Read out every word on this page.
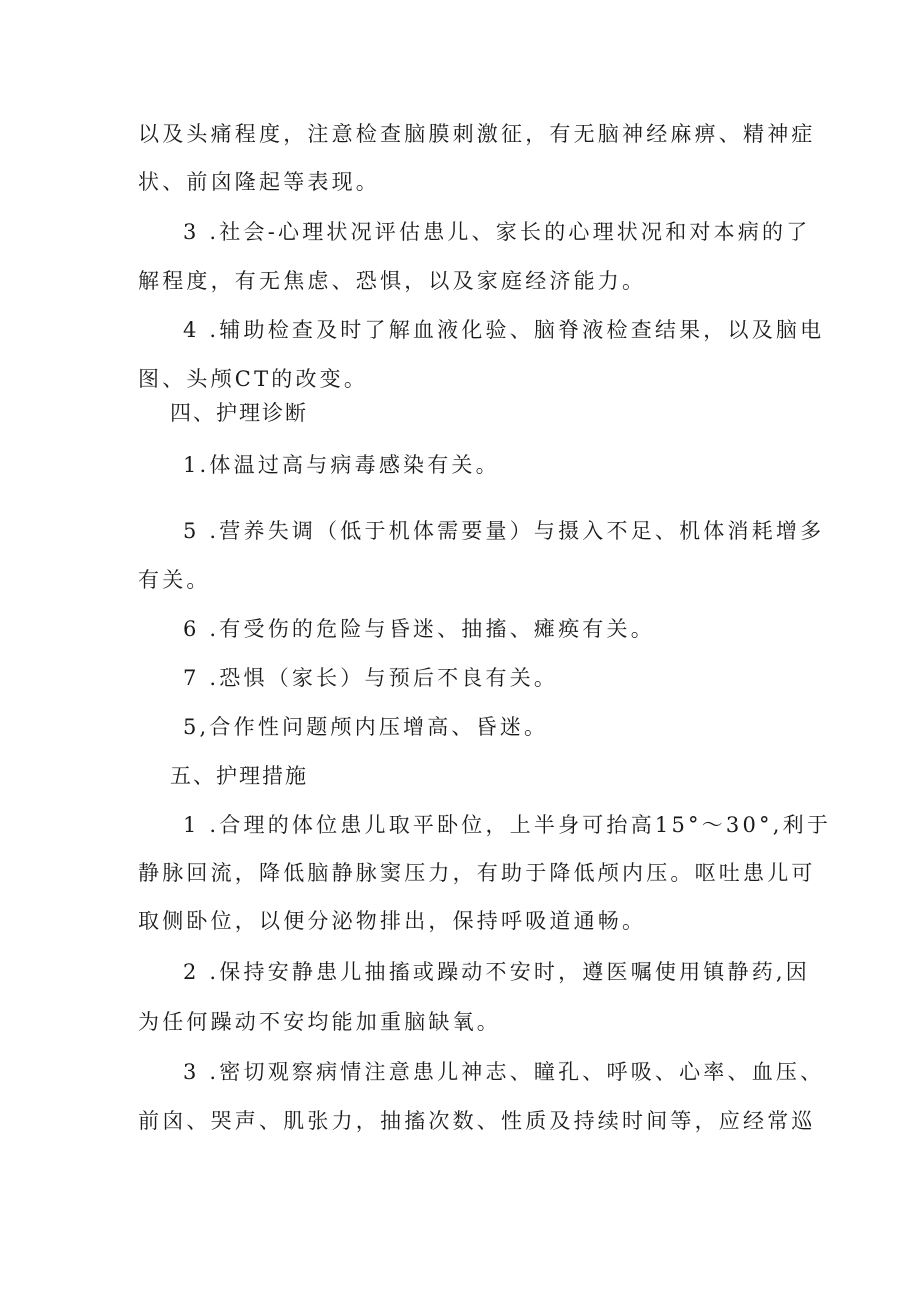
以及头痛程度，注意检查脑膜刺激征，有无脑神经麻痹、精神症
状、前囟隆起等表现。
3 .社会-心理状况评估患儿、家长的心理状况和对本病的了
解程度，有无焦虑、恐惧，以及家庭经济能力。
4 .辅助检查及时了解血液化验、脑脊液检查结果，以及脑电
图、头颅CT的改变。
四、护理诊断
1.体温过高与病毒感染有关。
5 .营养失调（低于机体需要量）与摄入不足、机体消耗增多
有关。
6 .有受伤的危险与昏迷、抽搐、瘫痪有关。
7 .恐惧（家长）与预后不良有关。
5,合作性问题颅内压增高、昏迷。
五、护理措施
1 .合理的体位患儿取平卧位，上半身可抬高15°～30°,利于
静脉回流，降低脑静脉窦压力，有助于降低颅内压。呕吐患儿可
取侧卧位，以便分泌物排出，保持呼吸道通畅。
2 .保持安静患儿抽搐或躁动不安时，遵医嘱使用镇静药,因
为任何躁动不安均能加重脑缺氧。
3 .密切观察病情注意患儿神志、瞳孔、呼吸、心率、血压、
前囟、哭声、肌张力，抽搐次数、性质及持续时间等，应经常巡
